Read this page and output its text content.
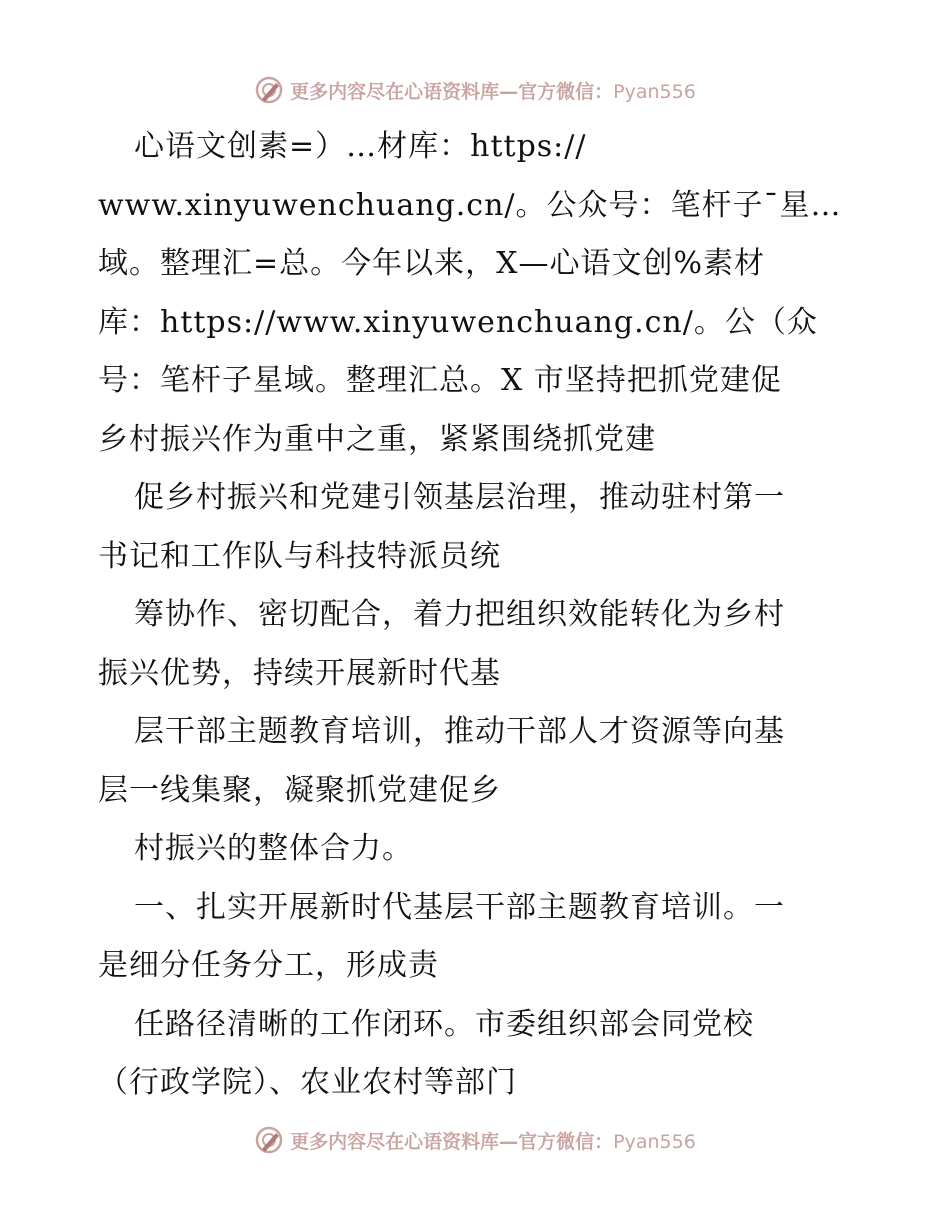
更多内容尽在心语资料库—官方微信：Pyan556
心语文创素=）…材库：https://
www.xinyuwenchuang.cn/。公众号：笔杆子¯星…
域。整理汇=总。今年以来，X—心语文创%素材
库：https://www.xinyuwenchuang.cn/。公（众
号：笔杆子星域。整理汇总。X 市坚持把抓党建促
乡村振兴作为重中之重，紧紧围绕抓党建
促乡村振兴和党建引领基层治理，推动驻村第一
书记和工作队与科技特派员统
筹协作、密切配合，着力把组织效能转化为乡村
振兴优势，持续开展新时代基
层干部主题教育培训，推动干部人才资源等向基
层一线集聚，凝聚抓党建促乡
村振兴的整体合力。
一、扎实开展新时代基层干部主题教育培训。一
是细分任务分工，形成责
任路径清晰的工作闭环。市委组织部会同党校
（行政学院）、农业农村等部门
更多内容尽在心语资料库—官方微信：Pyan556
